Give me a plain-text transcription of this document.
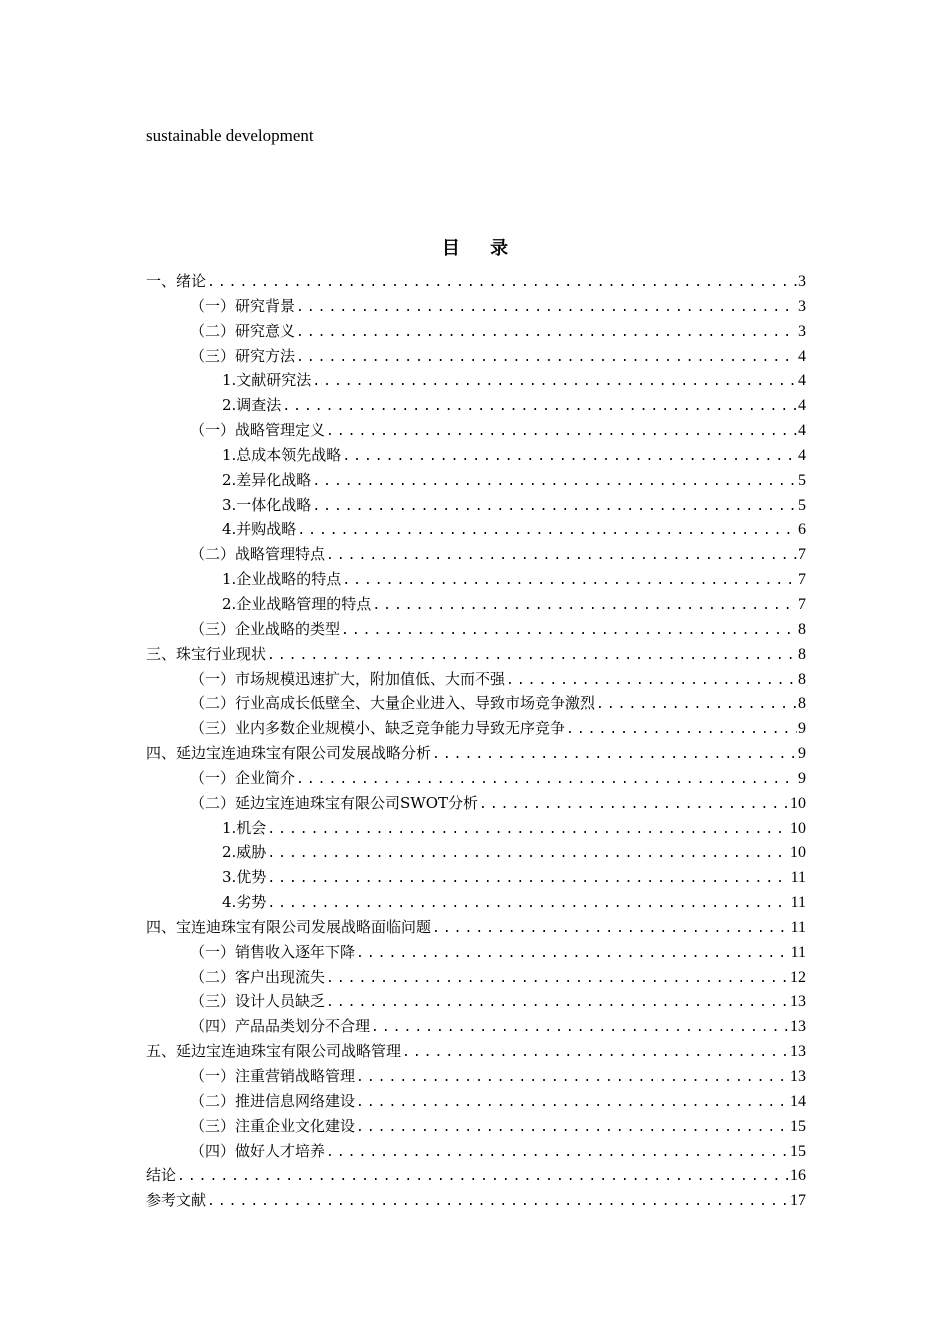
sustainable development
目 录
一、绪论 .....	3
（一）研究背景 .....	3
（二）研究意义 .....	3
（三）研究方法 .....	4
1.文献研究法 .....	4
2.调查法 .....	4
（一）战略管理定义 .....	4
1.总成本领先战略 .....	4
2.差异化战略 .....	5
3.一体化战略 .....	5
4.并购战略 .....	6
（二）战略管理特点 .....	7
1.企业战略的特点 .....	7
2.企业战略管理的特点 .....	7
（三）企业战略的类型 .....	8
三、珠宝行业现状 .....	8
（一）市场规模迅速扩大，附加值低、大而不强 .....	8
（二）行业高成长低壁全、大量企业进入、导致市场竞争激烈 .....	8
（三）业内多数企业规模小、缺乏竞争能力导致无序竞争 .....	9
四、延边宝连迪珠宝有限公司发展战略分析 .....	9
（一）企业简介 .....	9
（二）延边宝连迪珠宝有限公司SWOT分析 .....	10
1.机会 .....	10
2.威胁 .....	10
3.优势 .....	11
4.劣势 .....	11
四、宝连迪珠宝有限公司发展战略面临问题 .....	11
（一）销售收入逐年下降 .....	11
（二）客户出现流失 .....	12
（三）设计人员缺乏 .....	13
（四）产品品类划分不合理 .....	13
五、延边宝连迪珠宝有限公司战略管理 .....	13
（一）注重营销战略管理 .....	13
（二）推进信息网络建设 .....	14
（三）注重企业文化建设 .....	15
（四）做好人才培养 .....	15
结论 .....	16
参考文献 .....	17
